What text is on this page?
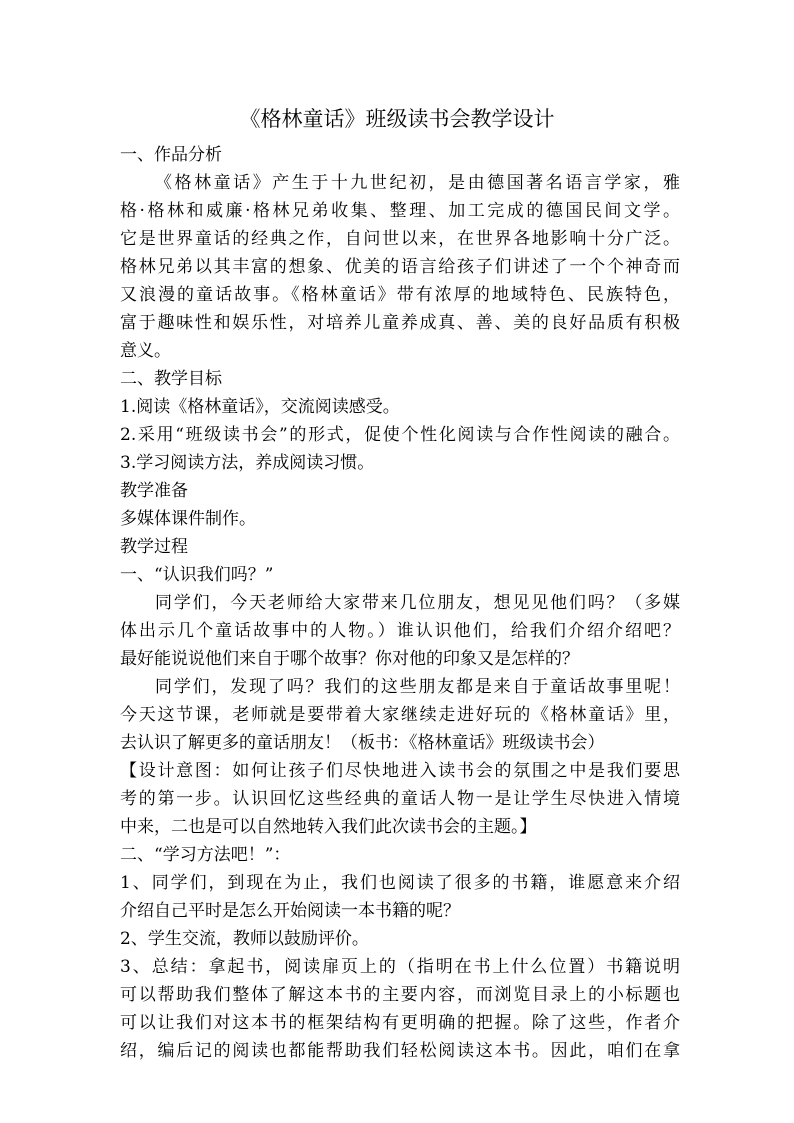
《格林童话》班级读书会教学设计
一、作品分析
《格林童话》产生于十九世纪初，是由德国著名语言学家，雅
格·格林和威廉·格林兄弟收集、整理、加工完成的德国民间文学。
它是世界童话的经典之作，自问世以来，在世界各地影响十分广泛。
格林兄弟以其丰富的想象、优美的语言给孩子们讲述了一个个神奇而
又浪漫的童话故事。《格林童话》带有浓厚的地域特色、民族特色，
富于趣味性和娱乐性，对培养儿童养成真、善、美的良好品质有积极
意义。
二、教学目标
1.阅读《格林童话》，交流阅读感受。
2.采用“班级读书会”的形式，促使个性化阅读与合作性阅读的融合。
3.学习阅读方法，养成阅读习惯。
教学准备
多媒体课件制作。
教学过程
一、“认识我们吗？”
同学们，今天老师给大家带来几位朋友，想见见他们吗？（多媒
体出示几个童话故事中的人物。）谁认识他们，给我们介绍介绍吧？
最好能说说他们来自于哪个故事？你对他的印象又是怎样的？
同学们，发现了吗？我们的这些朋友都是来自于童话故事里呢！
今天这节课，老师就是要带着大家继续走进好玩的《格林童话》里，
去认识了解更多的童话朋友！（板书：《格林童话》班级读书会）
【设计意图：如何让孩子们尽快地进入读书会的氛围之中是我们要思
考的第一步。认识回忆这些经典的童话人物一是让学生尽快进入情境
中来，二也是可以自然地转入我们此次读书会的主题。】
二、“学习方法吧！”：
1、同学们，到现在为止，我们也阅读了很多的书籍，谁愿意来介绍
介绍自己平时是怎么开始阅读一本书籍的呢？
2、学生交流，教师以鼓励评价。
3、总结：拿起书，阅读扉页上的（指明在书上什么位置）书籍说明
可以帮助我们整体了解这本书的主要内容，而浏览目录上的小标题也
可以让我们对这本书的框架结构有更明确的把握。除了这些，作者介
绍，编后记的阅读也都能帮助我们轻松阅读这本书。因此，咱们在拿
